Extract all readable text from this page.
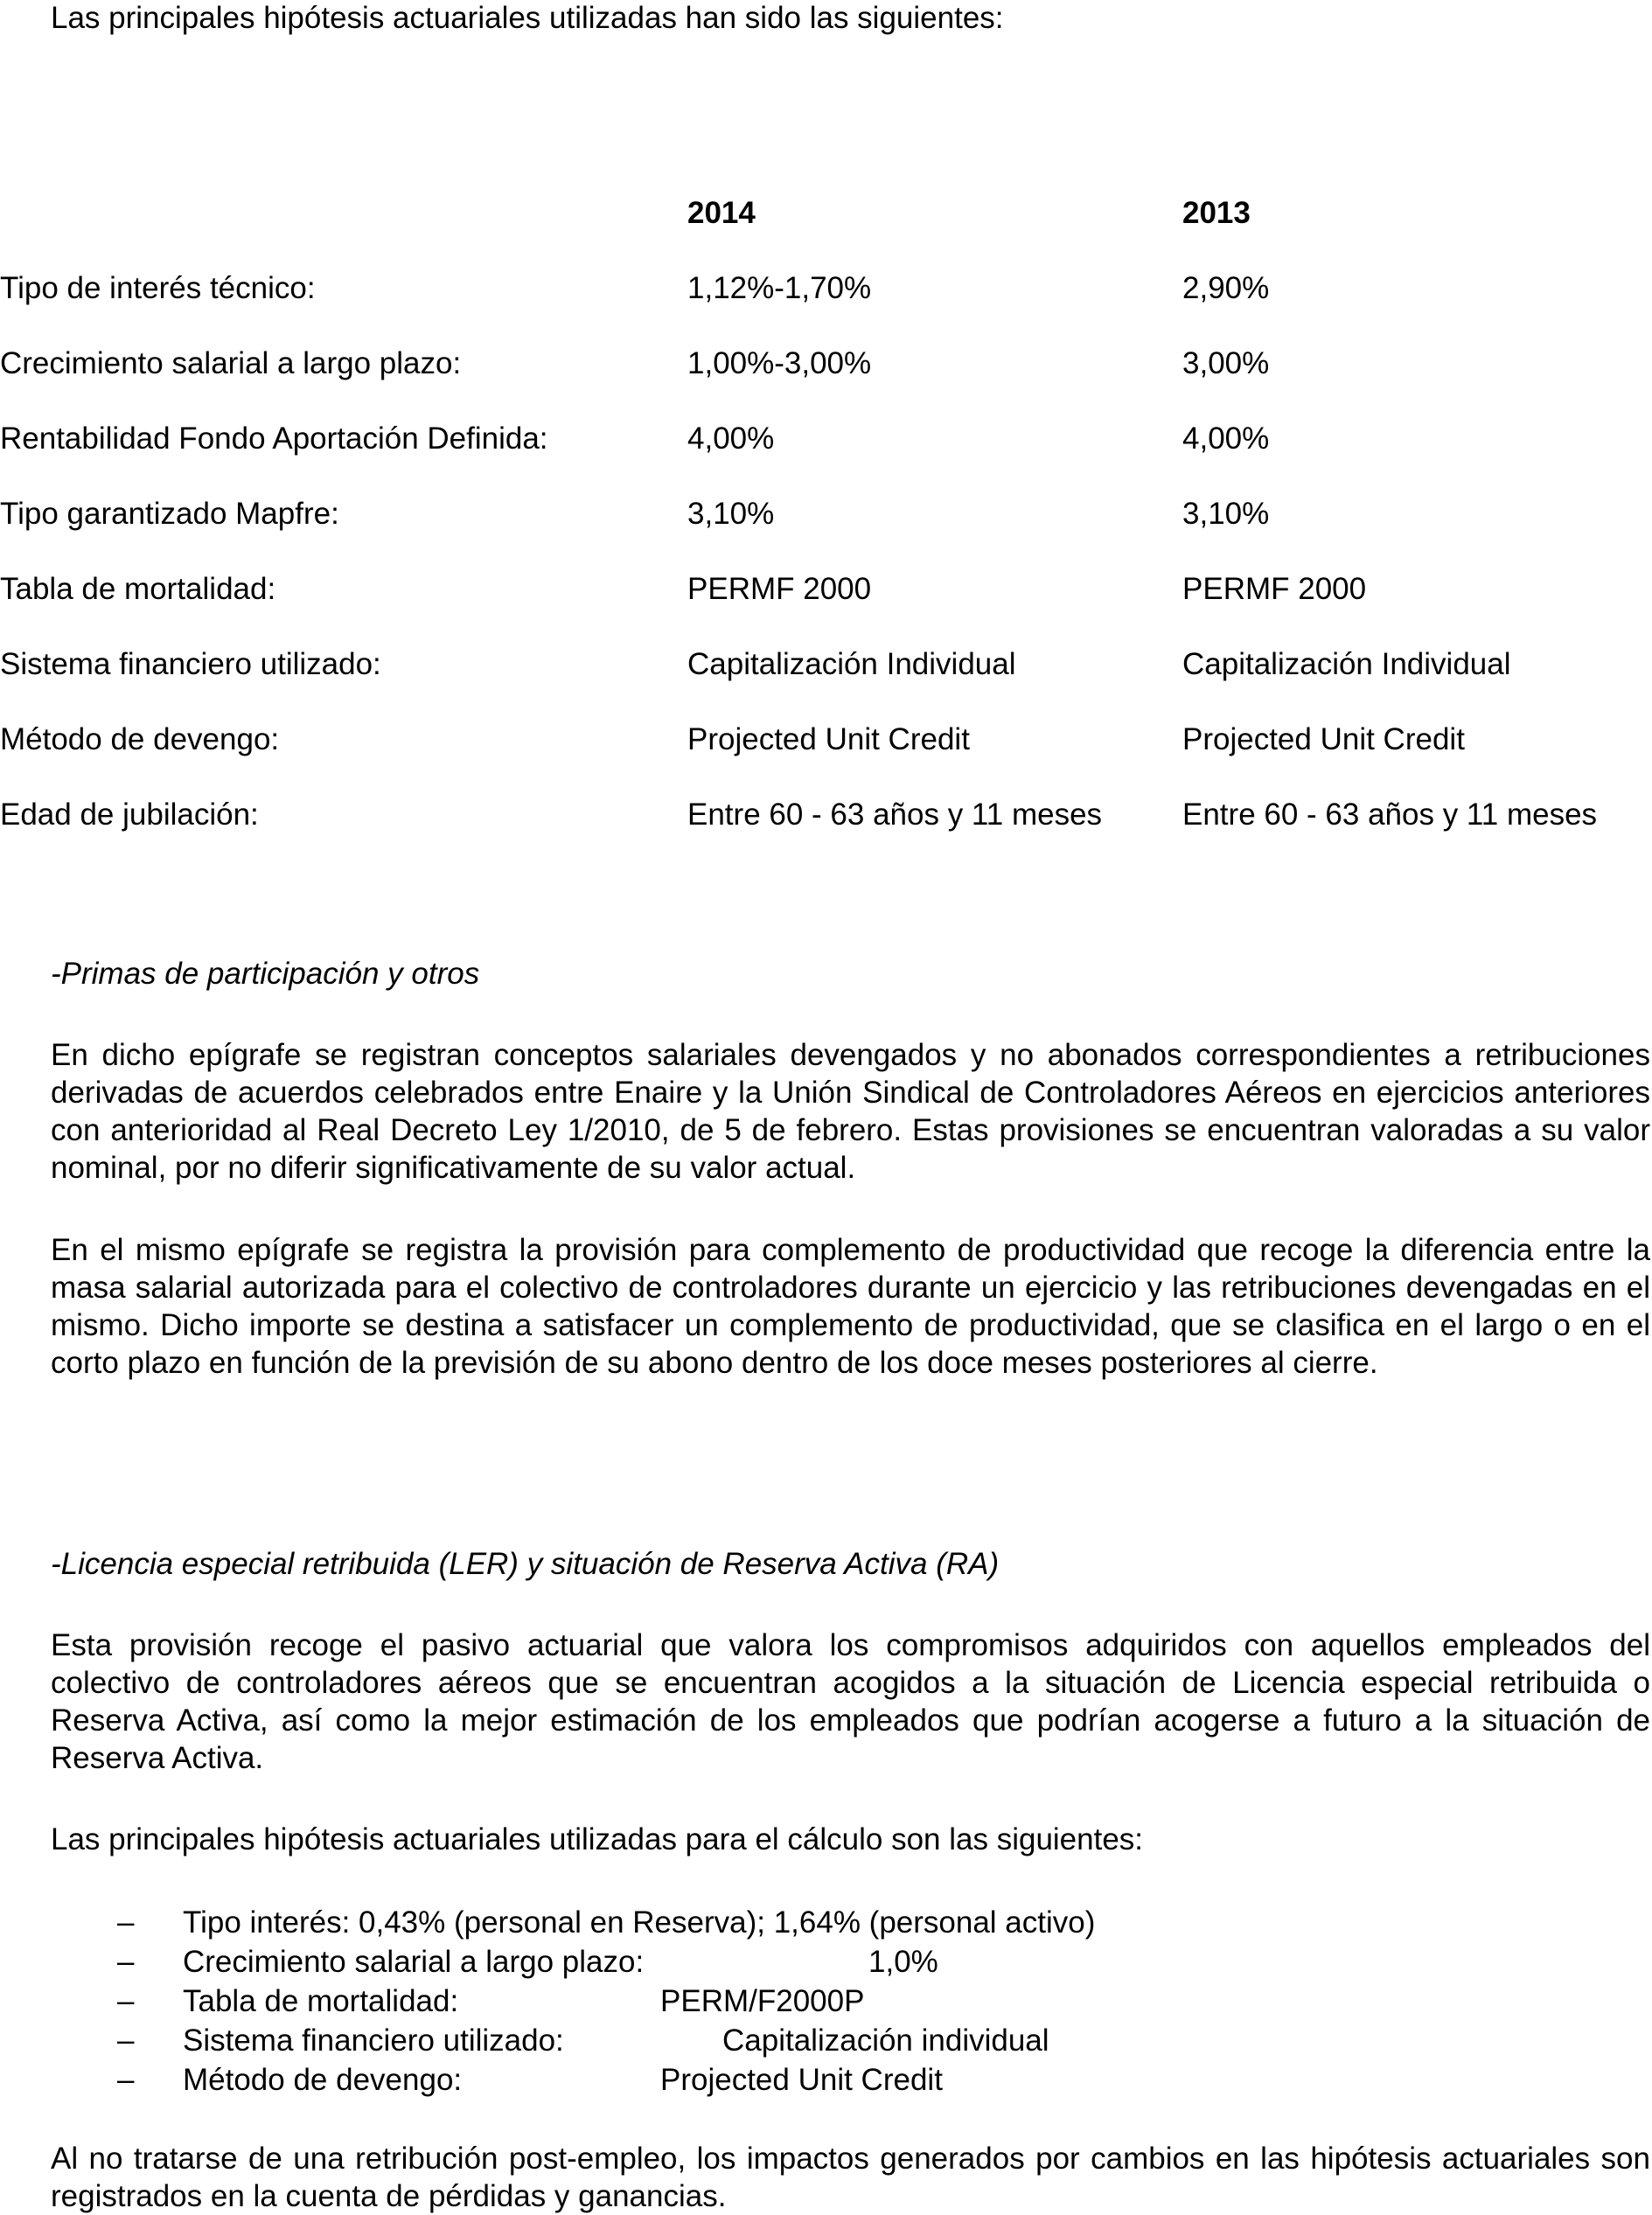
Las principales hipótesis actuariales utilizadas han sido las siguientes:
2014	2013
Tipo de interés técnico:	1,12%-1,70%	2,90%
Crecimiento salarial a largo plazo:	1,00%-3,00%	3,00%
Rentabilidad Fondo Aportación Definida:	4,00%	4,00%
Tipo garantizado Mapfre:	3,10%	3,10%
Tabla de mortalidad:	PERMF 2000	PERMF 2000
Sistema financiero utilizado:	Capitalización Individual	Capitalización Individual
Método de devengo:	Projected Unit Credit	Projected Unit Credit
Edad de jubilación:	Entre 60 - 63 años y 11 meses	Entre 60 - 63 años y 11 meses
-Primas de participación y otros

En dicho epígrafe se registran conceptos salariales devengados y no abonados correspondientes a retribuciones derivadas de acuerdos celebrados entre Enaire y la Unión Sindical de Controladores Aéreos en ejercicios anteriores con anterioridad al Real Decreto Ley 1/2010, de 5 de febrero. Estas provisiones se encuentran valoradas a su valor nominal, por no diferir significativamente de su valor actual.

En el mismo epígrafe se registra la provisión para complemento de productividad que recoge la diferencia entre la masa salarial autorizada para el colectivo de controladores durante un ejercicio y las retribuciones devengadas en el mismo. Dicho importe se destina a satisfacer un complemento de productividad, que se clasifica en el largo o en el corto plazo en función de la previsión de su abono dentro de los doce meses posteriores al cierre.

-Licencia especial retribuida (LER) y situación de Reserva Activa (RA)

Esta provisión recoge el pasivo actuarial que valora los compromisos adquiridos con aquellos empleados del colectivo de controladores aéreos que se encuentran acogidos a la situación de Licencia especial retribuida o Reserva Activa, así como la mejor estimación de los empleados que podrían acogerse a futuro a la situación de Reserva Activa.

Las principales hipótesis actuariales utilizadas para el cálculo son las siguientes:
– Tipo interés: 0,43% (personal en Reserva); 1,64% (personal activo)
– Crecimiento salarial a largo plazo:	1,0%
– Tabla de mortalidad:	PERM/F2000P
– Sistema financiero utilizado:	Capitalización individual
– Método de devengo:	Projected Unit Credit

Al no tratarse de una retribución post-empleo, los impactos generados por cambios en las hipótesis actuariales son registrados en la cuenta de pérdidas y ganancias.
